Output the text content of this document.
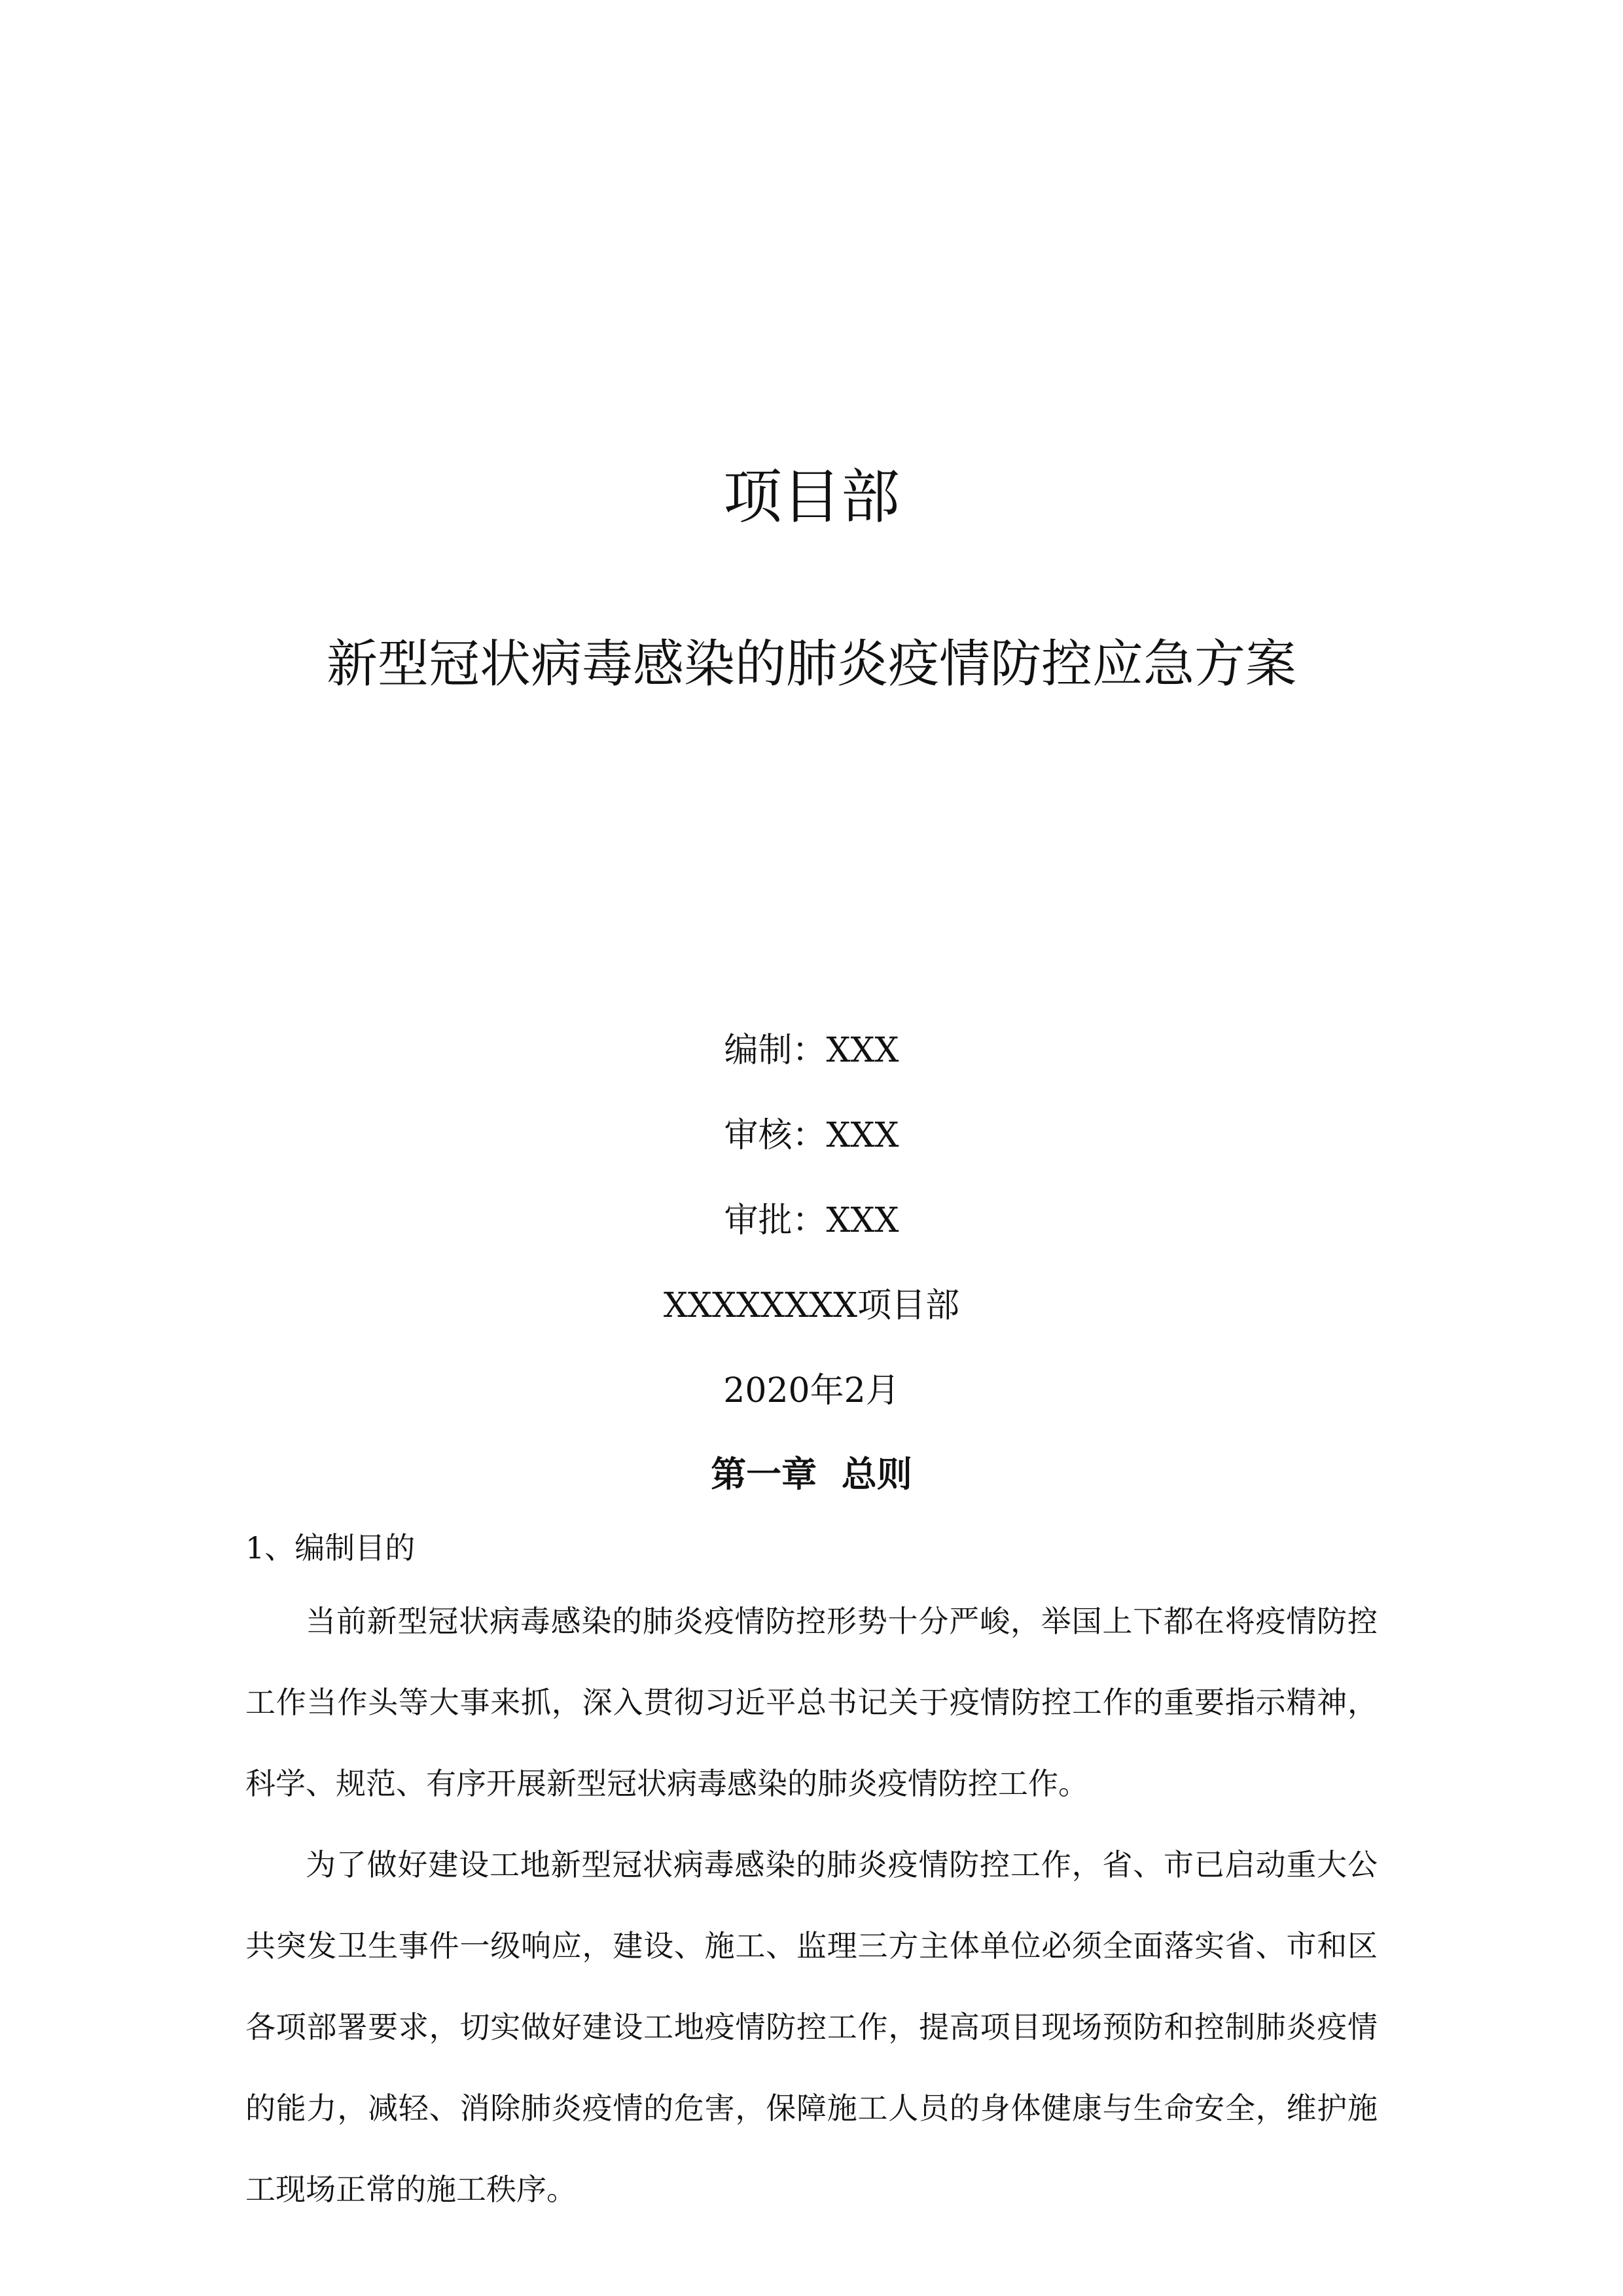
项目部
新型冠状病毒感染的肺炎疫情防控应急方案
编制：XXX
审核：XXX
审批：XXX
XXXXXXXX项目部
2020年2月
第一章  总则
1、编制目的

当前新型冠状病毒感染的肺炎疫情防控形势十分严峻，举国上下都在将疫情防控工作当作头等大事来抓，深入贯彻习近平总书记关于疫情防控工作的重要指示精神，科学、规范、有序开展新型冠状病毒感染的肺炎疫情防控工作。

为了做好建设工地新型冠状病毒感染的肺炎疫情防控工作，省、市已启动重大公共突发卫生事件一级响应，建设、施工、监理三方主体单位必须全面落实省、市和区各项部署要求，切实做好建设工地疫情防控工作，提高项目现场预防和控制肺炎疫情的能力，减轻、消除肺炎疫情的危害，保障施工人员的身体健康与生命安全，维护施工现场正常的施工秩序。
